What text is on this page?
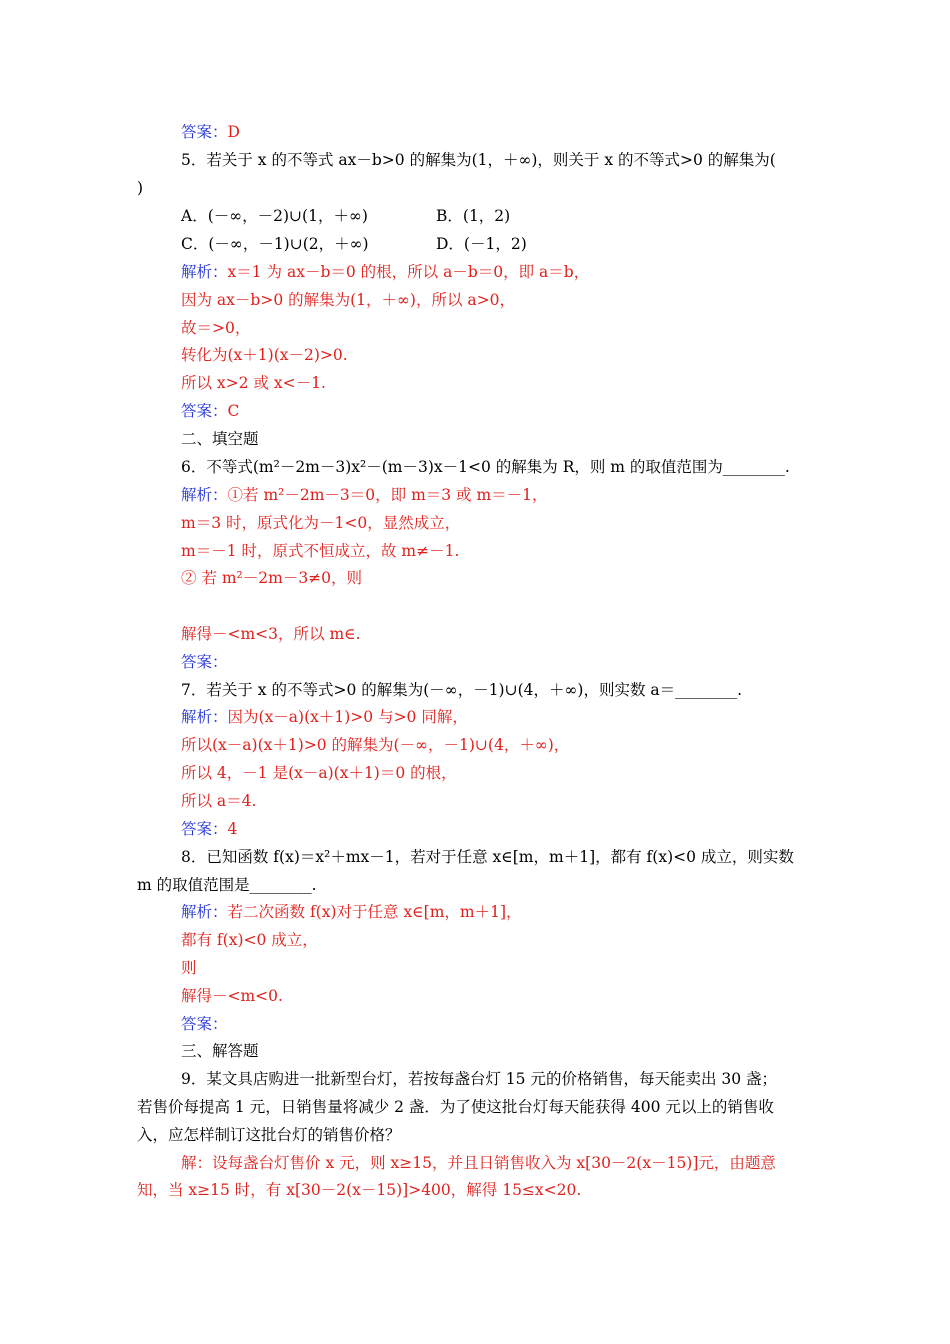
答案：D
5．若关于 x 的不等式 ax－b>0 的解集为(1，＋∞)，则关于 x 的不等式>0 的解集为(
)
A．(－∞，－2)∪(1，＋∞)	B．(1，2)
C．(－∞，－1)∪(2，＋∞)	D．(－1，2)
解析：x＝1 为 ax－b＝0 的根，所以 a－b＝0，即 a＝b，
因为 ax－b>0 的解集为(1，＋∞)，所以 a>0，
故＝>0，
转化为(x＋1)(x－2)>0.
所以 x>2 或 x<－1.
答案：C
二、填空题
6．不等式(m²－2m－3)x²－(m－3)x－1<0 的解集为 R，则 m 的取值范围为________.
解析：①若 m²－2m－3＝0，即 m＝3 或 m＝－1，
m＝3 时，原式化为－1<0，显然成立，
m＝－1 时，原式不恒成立，故 m≠－1.
② 若 m²－2m－3≠0，则
解得－<m<3，所以 m∈.
答案：
7．若关于 x 的不等式>0 的解集为(－∞，－1)∪(4，＋∞)，则实数 a＝________.
解析：因为(x－a)(x＋1)>0 与>0 同解，
所以(x－a)(x＋1)>0 的解集为(－∞，－1)∪(4，＋∞)，
所以 4，－1 是(x－a)(x＋1)＝0 的根，
所以 a＝4.
答案：4
8．已知函数 f(x)＝x²＋mx－1，若对于任意 x∈[m，m＋1]，都有 f(x)<0 成立，则实数
m 的取值范围是________.
解析：若二次函数 f(x)对于任意 x∈[m，m＋1]，
都有 f(x)<0 成立，
则
解得－<m<0.
答案：
三、解答题
9．某文具店购进一批新型台灯，若按每盏台灯 15 元的价格销售，每天能卖出 30 盏；
若售价每提高 1 元，日销售量将减少 2 盏．为了使这批台灯每天能获得 400 元以上的销售收
入，应怎样制订这批台灯的销售价格？
解：设每盏台灯售价 x 元，则 x≥15，并且日销售收入为 x[30－2(x－15)]元，由题意
知，当 x≥15 时，有 x[30－2(x－15)]>400，解得 15≤x<20.
